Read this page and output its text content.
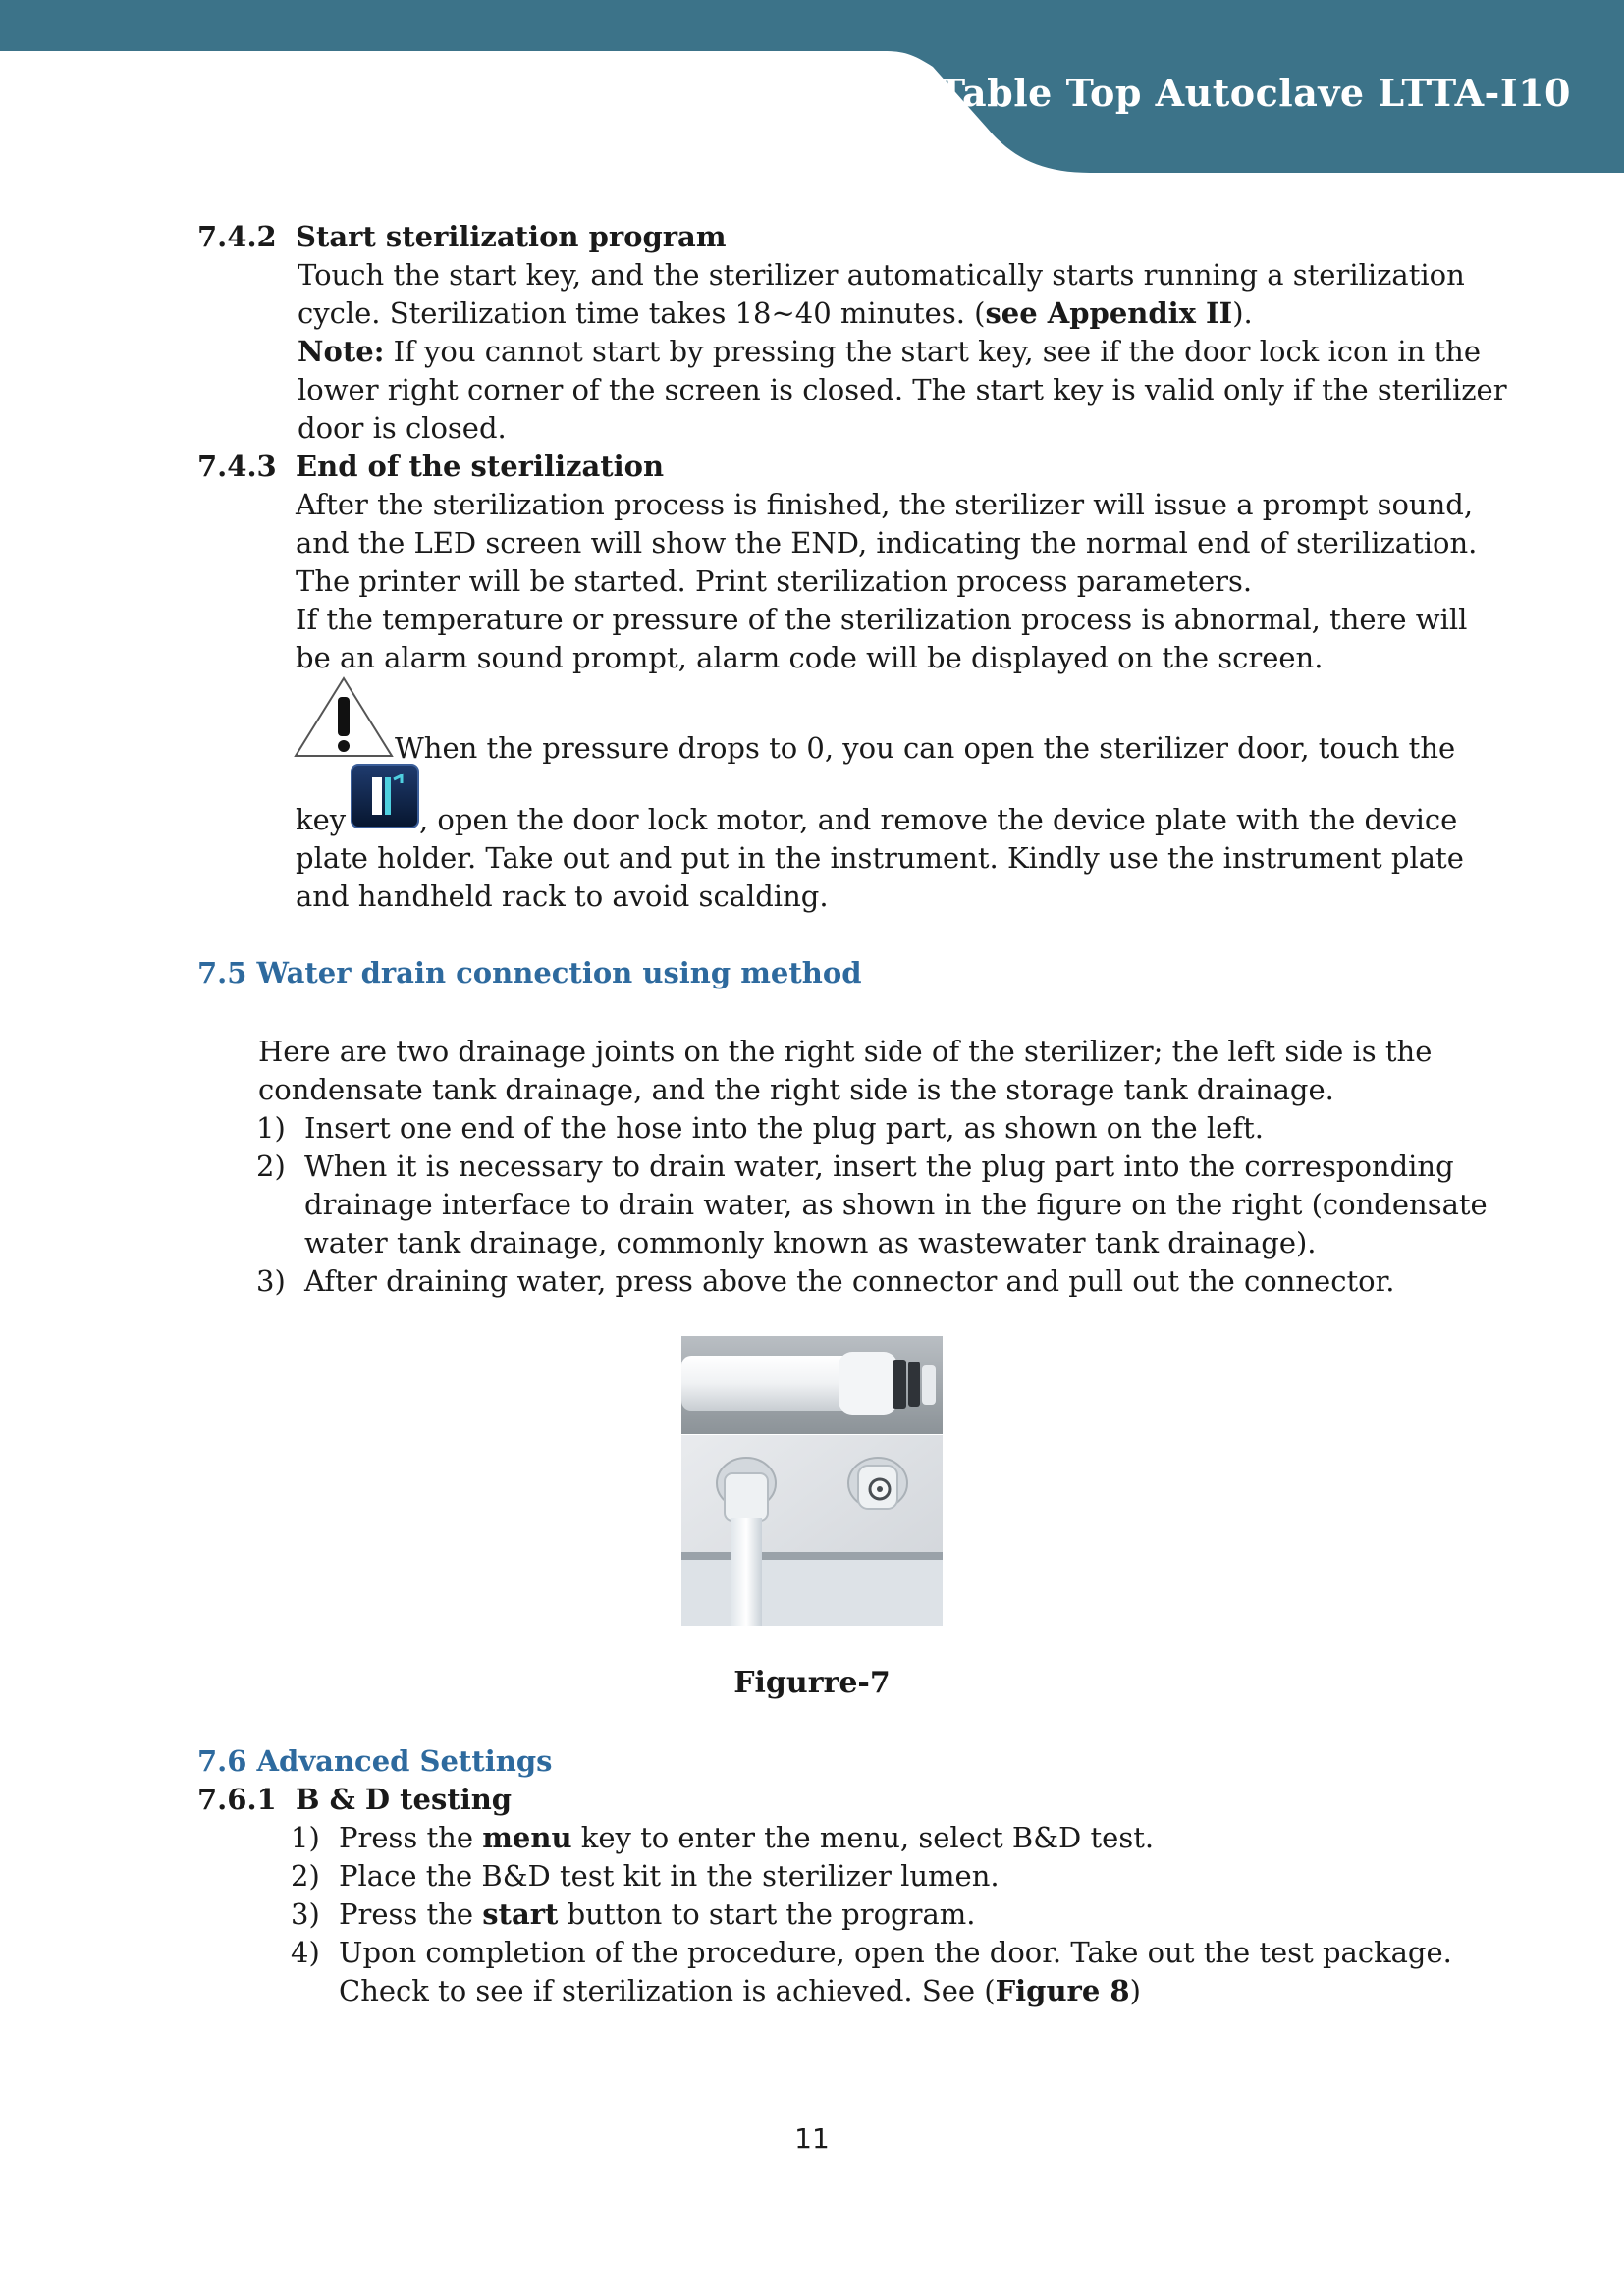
Table Top Autoclave LTTA-I10
7.4.2 Start sterilization program
Touch the start key, and the sterilizer automatically starts running a sterilization
cycle. Sterilization time takes 18~40 minutes. (see Appendix II).
Note: If you cannot start by pressing the start key, see if the door lock icon in the
lower right corner of the screen is closed. The start key is valid only if the sterilizer
door is closed.
7.4.3 End of the sterilization
After the sterilization process is finished, the sterilizer will issue a prompt sound,
and the LED screen will show the END, indicating the normal end of sterilization.
The printer will be started. Print sterilization process parameters.
If the temperature or pressure of the sterilization process is abnormal, there will
be an alarm sound prompt, alarm code will be displayed on the screen.
When the pressure drops to 0, you can open the sterilizer door, touch the
key	, open the door lock motor, and remove the device plate with the device
plate holder. Take out and put in the instrument. Kindly use the instrument plate
and handheld rack to avoid scalding.
7.5 Water drain connection using method
Here are two drainage joints on the right side of the sterilizer; the left side is the
condensate tank drainage, and the right side is the storage tank drainage.
1) Insert one end of the hose into the plug part, as shown on the left.
2) When it is necessary to drain water, insert the plug part into the corresponding
drainage interface to drain water, as shown in the figure on the right (condensate
water tank drainage, commonly known as wastewater tank drainage).
3) After draining water, press above the connector and pull out the connector.
Figurre-7
7.6 Advanced Settings
7.6.1 B & D testing
1) Press the menu key to enter the menu, select B&D test.
2) Place the B&D test kit in the sterilizer lumen.
3) Press the start button to start the program.
4) Upon completion of the procedure, open the door. Take out the test package.
Check to see if sterilization is achieved. See (Figure 8)
11
